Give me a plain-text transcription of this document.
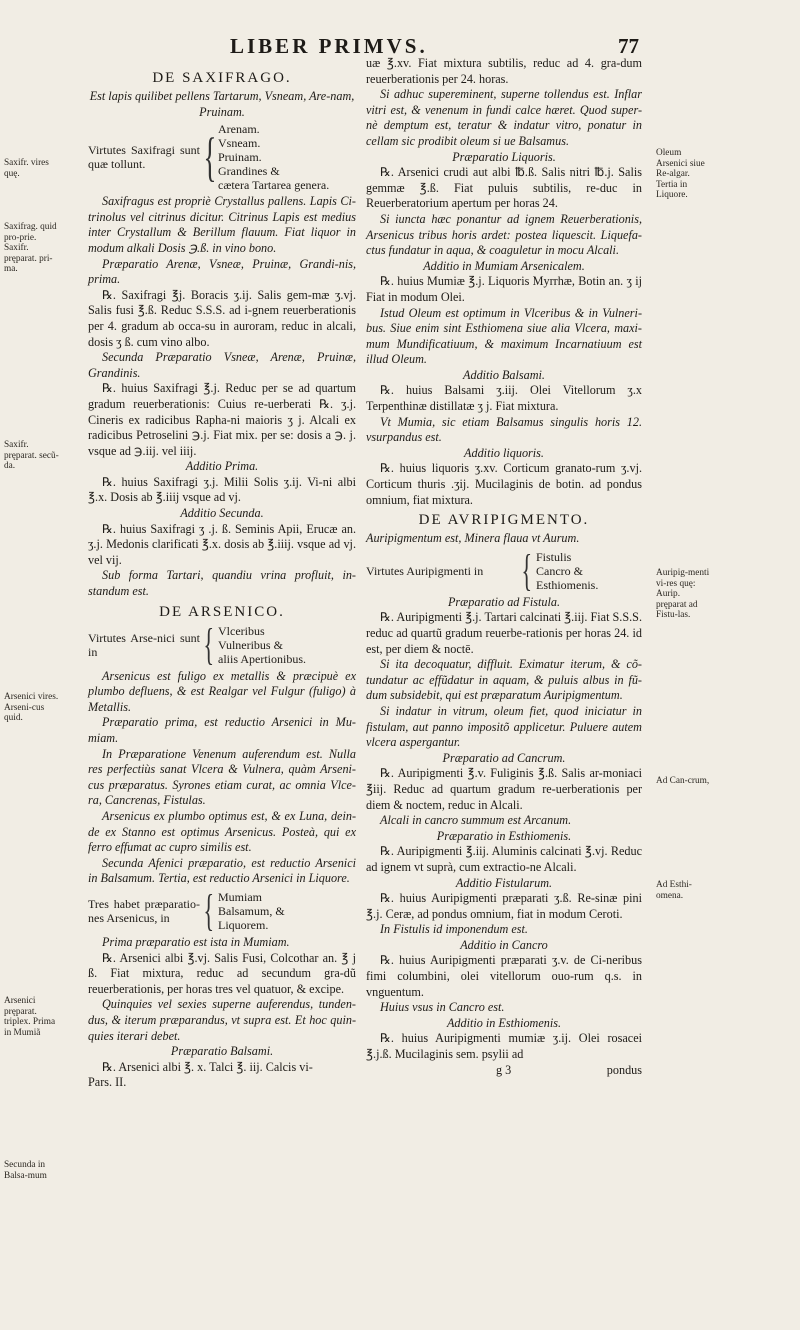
LIBER PRIMVS.	77
Saxifr. vires quę.
Saxifrag. quid pro-prie. Saxifr. pręparat. pri-ma.
Saxifr. pręparat. secũ-da.
Arsenici vires. Arseni-cus quid.
Arsenici pręparat. triplex. Prima in Mumiã
Secunda in Balsa-mum
Oleum Arsenici siue Re-algar. Tertia in Liquore.
Auripig-menti vi-res quę: Aurip. pręparat ad Fistu-las.
Ad Can-crum,
Ad Esthi-omena.

DE SAXIFRAGO.

Est lapis quilibet pellens Tartarum, Vsneam, Are-nam, Pruinam.

Virtutes Saxifragi sunt quæ tollunt.	{ Arenam.
Vsneam.
Pruinam.
Grandines &
cætera Tartarea genera.

Saxifragus est propriè Crystallus pallens. Lapis Ci-trinolus vel citrinus dicitur. Citrinus Lapis est medius inter Crystallum & Berillum flauum. Fiat liquor in modum alkali Dosis ℈.ß. in vino bono.

Præparatio Arenæ, Vsneæ, Pruinæ, Grandi-nis, prima.

℞. Saxifragi ℥j. Boracis ʒ.ij. Salis gem-mæ ʒ.vj. Salis fusi ℥.ß. Reduc S.S.S. ad i-gnem reuerberationis per 4. gradum ab occa-su in auroram, reduc in alcali, dosis ʒ ß. cum vino albo.

Secunda Præparatio Vsneæ, Arenæ, Pruinæ, Grandinis.

℞. huius Saxifragi ℥.j. Reduc per se ad quartum gradum reuerberationis: Cuius re-uerberati ℞. ʒ.j. Cineris ex radicibus Rapha-ni maioris ʒ j. Alcali ex radicibus Petroselini ℈.j. Fiat mix. per se: dosis a ℈. j. vsque ad ℈.iij. vel iiij.

Additio Prima.

℞. huius Saxifragi ʒ.j. Milii Solis ʒ.ij. Vi-ni albi ℥.x. Dosis ab ℥.iiij vsque ad vj.

Additio Secunda.

℞. huius Saxifragi ʒ .j. ß. Seminis Apii, Erucæ an. ʒ.j. Medonis clarificati ℥.x. dosis ab ℥.iiij. vsque ad vj. vel vij.

Sub forma Tartari, quandiu vrina profluit, in-standum est.

DE ARSENICO.

Virtutes Arse-nici sunt in	{ Vlceribus
Vulneribus &
aliis Apertionibus.

Arsenicus est fuligo ex metallis & præcipuè ex plumbo defluens, & est Realgar vel Fulgur (fuligo) à Metallis.

Præparatio prima, est reductio Arsenici in Mu-miam.

In Præparatione Venenum auferendum est. Nulla res perfectiùs sanat Vlcera & Vulnera, quàm Arseni-cus præparatus. Syrones etiam curat, ac omnia Vlce-ra, Cancrenas, Fistulas.

Arsenicus ex plumbo optimus est, & ex Luna, dein-de ex Stanno est optimus Arsenicus. Posteà, qui ex ferro effumat ac cupro similis est.

Secunda Afenici præparatio, est reductio Arsenici in Balsamum. Tertia, est reductio Arsenici in Liquore.

Tres habet præparatio-nes Arsenicus, in { Mumiam
Balsamum, &
Liquorem.

Prima præparatio est ista in Mumiam.

℞. Arsenici albi ℥.vj. Salis Fusi, Colcothar an. ℥ j ß. Fiat mixtura, reduc ad secundum gra-dũ reuerberationis, per horas tres vel quatuor, & excipe.

Quinquies vel sexies superne auferendus, tunden-dus, & iterum præparandus, vt supra est. Et hoc quin-quies iterari debet.

Præparatio Balsami.

℞. Arsenici albi ℥. x. Talci ℥. iij. Calcis vi-

Pars. II.

uæ ℥.xv. Fiat mixtura subtilis, reduc ad 4. gra-dum reuerberationis per 24. horas.

Si adhuc supereminent, superne tollendus est. Inflar vitri est, & venenum in fundi calce hæret. Quod super-nè demptum est, teratur & indatur vitro, ponatur in cellam sic prodibit oleum si ue Balsamus.

Præparatio Liquoris.

℞. Arsenici crudi aut albi ℔.ß. Salis nitri ℔.j. Salis gemmæ ℥.ß. Fiat puluis subtilis, re-duc in Reuerberatorium apertum per horas 24.

Si iuncta hæc ponantur ad ignem Reuerberationis, Arsenicus tribus horis ardet: postea liquescit. Liquefa-ctus fundatur in aqua, & coaguletur in mocu Alcali.

Additio in Mumiam Arsenicalem.

℞. huius Mumiæ ℥.j. Liquoris Myrrhæ, Botin an. ʒ ij Fiat in modum Olei.

Istud Oleum est optimum in Vlceribus & in Vulneri-bus. Siue enim sint Esthiomena siue alia Vlcera, maxi-mum Mundificatiuum, & maximum Incarnatiuum est illud Oleum.

Additio Balsami.

℞. huius Balsami ʒ.iij. Olei Vitellorum ʒ.x Terpenthinæ distillatæ ʒ j. Fiat mixtura.

Vt Mumia, sic etiam Balsamus singulis horis 12. vsurpandus est.

Additio liquoris.

℞. huius liquoris ʒ.xv. Corticum granato-rum ʒ.vj. Corticum thuris .ʒij. Mucilaginis de botin. ad pondus omnium, fiat mixtura.

DE AVRIPIGMENTO.

Auripigmentum est, Minera flaua vt Aurum.

Virtutes Auripigmenti in { Fistulis
Cancro &
Esthiomenis.

Præparatio ad Fistula.

℞. Auripigmenti ℥.j. Tartari calcinati ℥.iij. Fiat S.S.S. reduc ad quartũ gradum reuerbe-rationis per horas 24. id est, per diem & noctē.

Si ita decoquatur, diffluit. Eximatur iterum, & cõ-tundatur ac effũdatur in aquam, & puluis albus in fũ-dum subsidebit, qui est præparatum Auripigmentum.

Si indatur in vitrum, oleum fiet, quod iniciatur in fistulam, aut panno impositõ applicetur. Puluere autem vlcera aspergantur.

Præparatio ad Cancrum.

℞. Auripigmenti ℥.v. Fuliginis ℥.ß. Salis ar-moniaci ℥iij. Reduc ad quartum gradum re-uerberationis per diem & noctem, reduc in Alcali.

Alcali in cancro summum est Arcanum.

Præparatio in Esthiomenis.

℞. Auripigmenti ℥.iij. Aluminis calcinati ℥.vj. Reduc ad ignem vt suprà, cum extractio-ne Alcali.

Additio Fistularum.

℞. huius Auripigmenti præparati ʒ.ß. Re-sinæ pini ℥.j. Ceræ, ad pondus omnium, fiat in modum Ceroti.

In Fistulis id imponendum est.

Additio in Cancro

℞. huius Auripigmenti præparati ʒ.v. de Ci-neribus fimi columbini, olei vitellorum ouo-rum q.s. in vnguentum.

Huius vsus in Cancro est.

Additio in Esthiomenis.

℞. huius Auripigmenti mumiæ ʒ.ij. Olei rosacei ℥.j.ß. Mucilaginis sem. psylii ad

g 3	pondus
